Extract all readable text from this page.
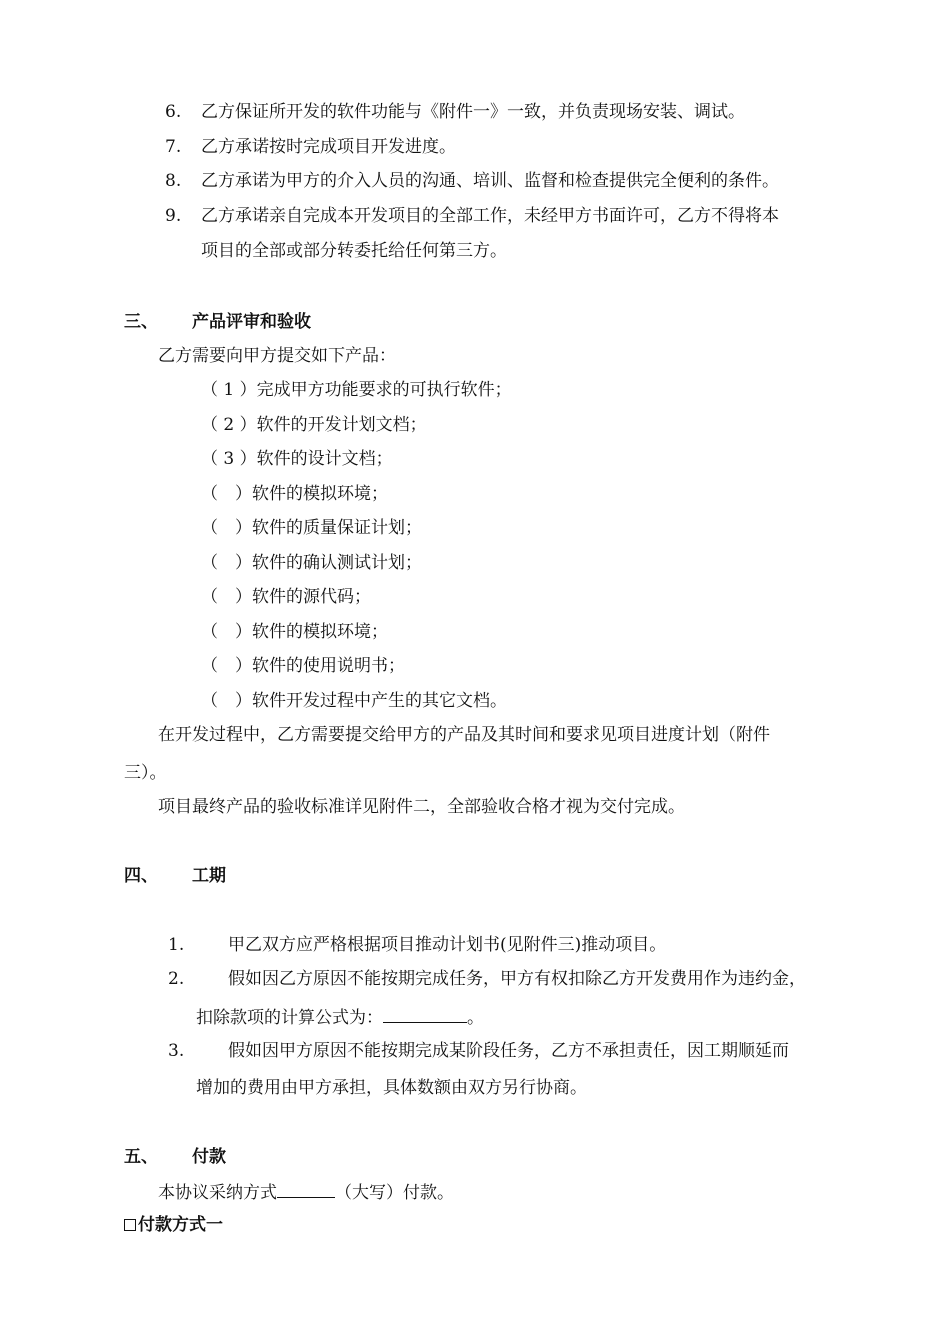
6. 乙方保证所开发的软件功能与《附件一》一致，并负责现场安装、调试。
7. 乙方承诺按时完成项目开发进度。
8. 乙方承诺为甲方的介入人员的沟通、培训、监督和检查提供完全便利的条件。
9. 乙方承诺亲自完成本开发项目的全部工作，未经甲方书面许可，乙方不得将本
项目的全部或部分转委托给任何第三方。
三、 产品评审和验收
乙方需要向甲方提交如下产品：
（ 1 ）完成甲方功能要求的可执行软件；
（ 2 ）软件的开发计划文档；
（ 3 ）软件的设计文档；
（　）软件的模拟环境；
（　）软件的质量保证计划；
（　）软件的确认测试计划；
（　）软件的源代码；
（　）软件的模拟环境；
（　）软件的使用说明书；
（　）软件开发过程中产生的其它文档。
在开发过程中，乙方需要提交给甲方的产品及其时间和要求见项目进度计划（附件
三）。
项目最终产品的验收标准详见附件二，全部验收合格才视为交付完成。
四、 工期
1.	甲乙双方应严格根据项目推动计划书(见附件三)推动项目。
2.	假如因乙方原因不能按期完成任务，甲方有权扣除乙方开发费用作为违约金，
扣除款项的计算公式为：	。
3.	假如因甲方原因不能按期完成某阶段任务，乙方不承担责任，因工期顺延而
增加的费用由甲方承担，具体数额由双方另行协商。
五、 付款
本协议采纳方式	（大写）付款。
付款方式一
